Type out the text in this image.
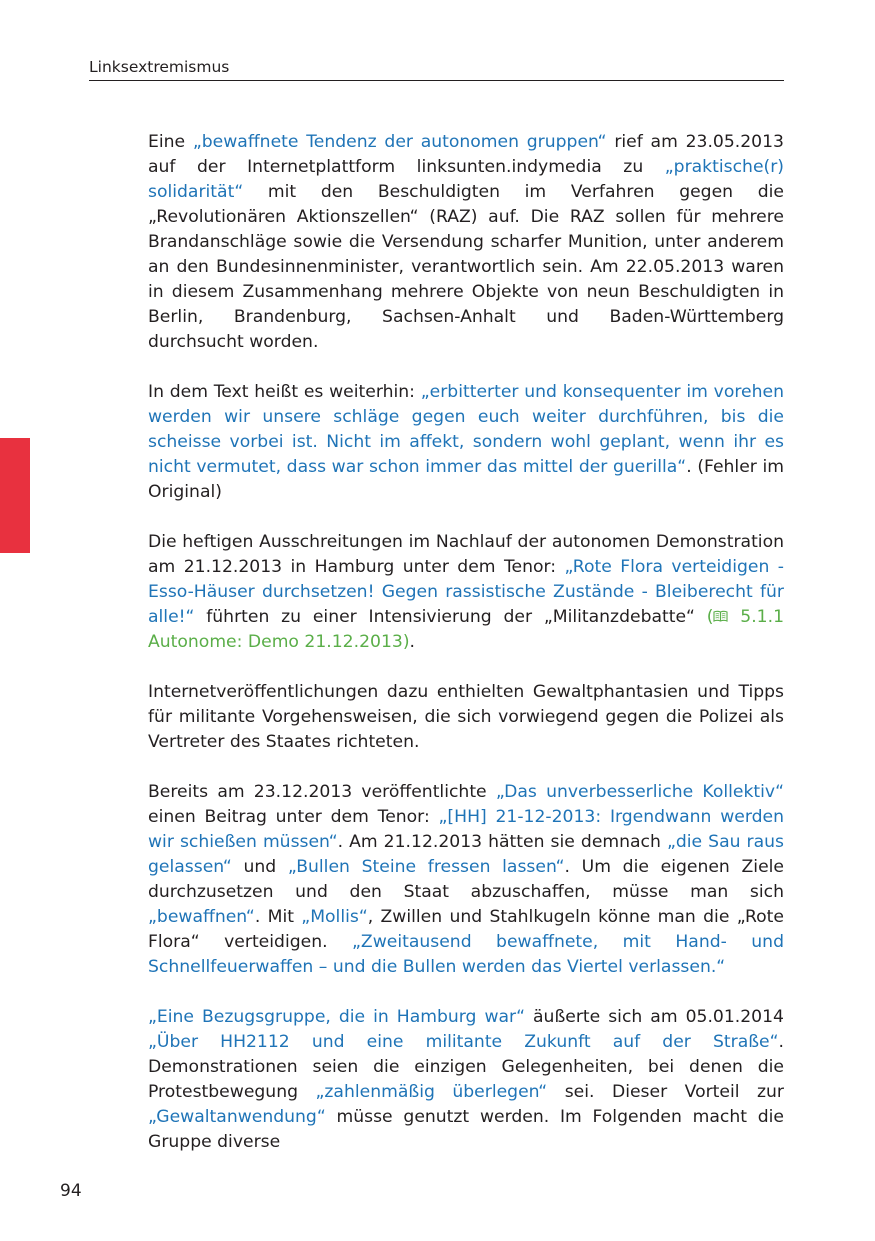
Linksextremismus

Eine „bewaffnete Tendenz der autonomen gruppen“ rief am 23.05.2013 auf der Internetplattform linksunten.indymedia zu „praktische(r) solidarität“ mit den Beschuldigten im Verfahren gegen die „Revolutionären Aktionszellen“ (RAZ) auf. Die RAZ sollen für mehrere Brandanschläge sowie die Versendung scharfer Munition, unter anderem an den Bundesinnenminister, verantwortlich sein. Am 22.05.2013 waren in diesem Zusammenhang mehrere Objekte von neun Beschuldigten in Berlin, Brandenburg, Sachsen-Anhalt und Baden-Württemberg durchsucht worden.

In dem Text heißt es weiterhin: „erbitterter und konsequenter im vorehen werden wir unsere schläge gegen euch weiter durchführen, bis die scheisse vorbei ist. Nicht im affekt, sondern wohl geplant, wenn ihr es nicht vermutet, dass war schon immer das mittel der guerilla“. (Fehler im Original)

Die heftigen Ausschreitungen im Nachlauf der autonomen Demonstration am 21.12.2013 in Hamburg unter dem Tenor: „Rote Flora verteidigen - Esso-Häuser durchsetzen! Gegen rassistische Zustände - Bleiberecht für alle!“ führten zu einer Intensivierung der „Militanzdebatte“ ( 5.1.1 Autonome: Demo 21.12.2013).

Internetveröffentlichungen dazu enthielten Gewaltphantasien und Tipps für militante Vorgehensweisen, die sich vorwiegend gegen die Polizei als Vertreter des Staates richteten.

Bereits am 23.12.2013 veröffentlichte „Das unverbesserliche Kollektiv“ einen Beitrag unter dem Tenor: „[HH] 21-12-2013: Irgendwann werden wir schießen müssen“. Am 21.12.2013 hätten sie demnach „die Sau raus gelassen“ und „Bullen Steine fressen lassen“. Um die eigenen Ziele durchzusetzen und den Staat abzuschaffen, müsse man sich „bewaffnen“. Mit „Mollis“, Zwillen und Stahlkugeln könne man die „Rote Flora“ verteidigen. „Zweitausend bewaffnete, mit Hand- und Schnellfeuerwaffen – und die Bullen werden das Viertel verlassen.“

„Eine Bezugsgruppe, die in Hamburg war“ äußerte sich am 05.01.2014 „Über HH2112 und eine militante Zukunft auf der Straße“. Demonstrationen seien die einzigen Gelegenheiten, bei denen die Protestbewegung „zahlenmäßig überlegen“ sei. Dieser Vorteil zur „Gewaltanwendung“ müsse genutzt werden. Im Folgenden macht die Gruppe diverse

94
